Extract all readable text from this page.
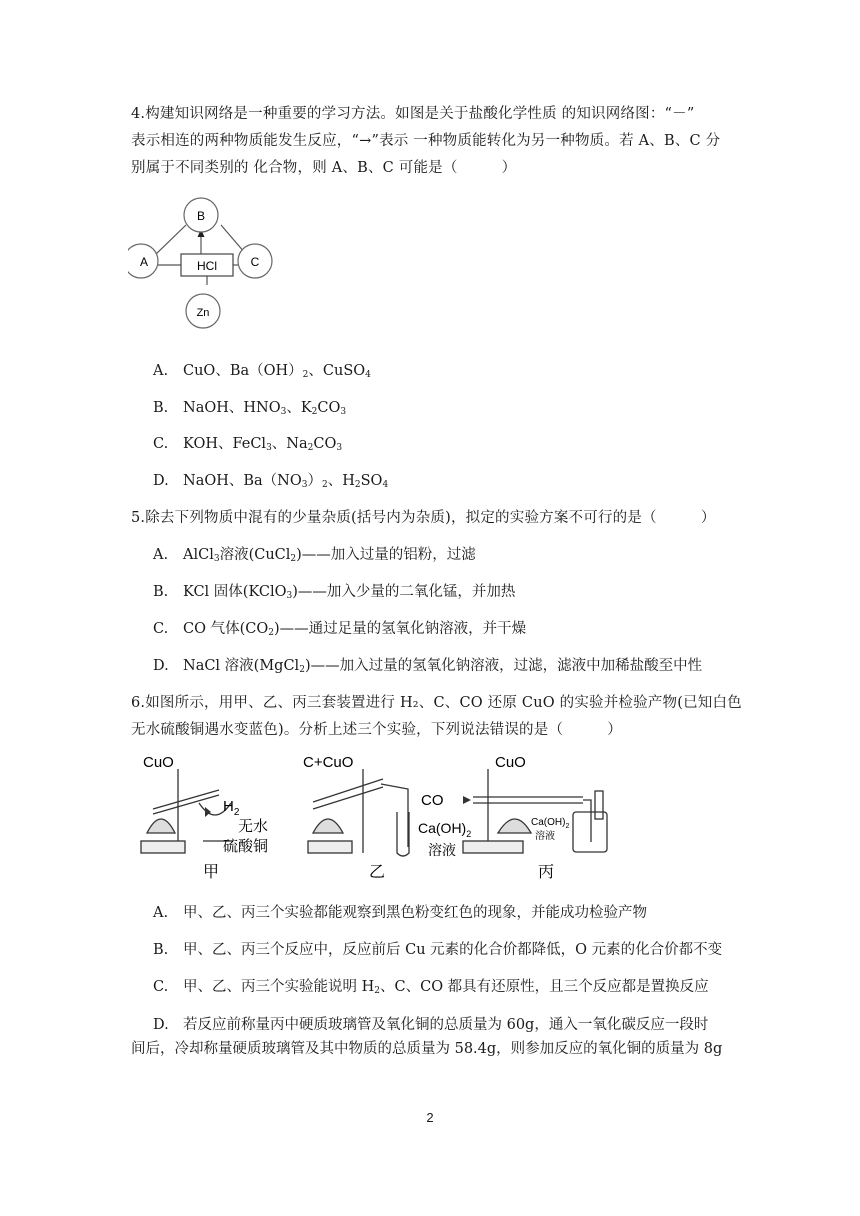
4.构建知识网络是一种重要的学习方法。如图是关于盐酸化学性质 的知识网络图：“－”
表示相连的两种物质能发生反应，“→”表示 一种物质能转化为另一种物质。若 A、B、C 分
别属于不同类别的 化合物，则 A、B、C 可能是（　　　）
B
A	C
HCl
Zn
A. CuO、$Ba(OH)_2$、CuSO$_4$
B. NaOH、$HNO_3$、$K_2CO_3$
C. KOH、FeCl$_3$、$Na_2CO_3$
D. NaOH、$Ba(NO_3)_2$、$H_2SO_4$
5.除去下列物质中混有的少量杂质(括号内为杂质)，拟定的实验方案不可行的是（　　　）
A. AlCl$_3$溶液(CuCl$_2$)——加入过量的铝粉，过滤
B. KCl 固体(KClO$_3$)——加入少量的二氧化锰，并加热
C. CO 气体$(CO_2)——$通过足量的氢氧化钠溶液，并干燥
D. NaCl 溶液(MgCl$_2$)——加入过量的氢氧化钠溶液，过滤，滤液中加稀盐酸至中性
6.如图所示，用甲、乙、丙三套装置进行 H₂、C、CO 还原 CuO 的实验并检验产物(已知白色
无水硫酸铜遇水变蓝色)。分析上述三个实验，下列说法错误的是（　　　）
CuO
$H_2$
无水
硫酸铜
甲
C+CuO
$Ca(OH)_2$
溶液
乙
CO
CuO
$Ca(OH)_2$
溶液
丙
A. 甲、乙、丙三个实验都能观察到黑色粉变红色的现象，并能成功检验产物
B. 甲、乙、丙三个反应中，反应前后 Cu 元素的化合价都降低，O 元素的化合价都不变
C. 甲、乙、丙三个实验能说明 $H_2$、C、CO 都具有还原性，且三个反应都是置换反应
D. 若反应前称量丙中硬质玻璃管及氧化铜的总质量为 60g，通入一氧化碳反应一段时
间后，冷却称量硬质玻璃管及其中物质的总质量为 58.4g，则参加反应的氧化铜的质量为 8g
2
